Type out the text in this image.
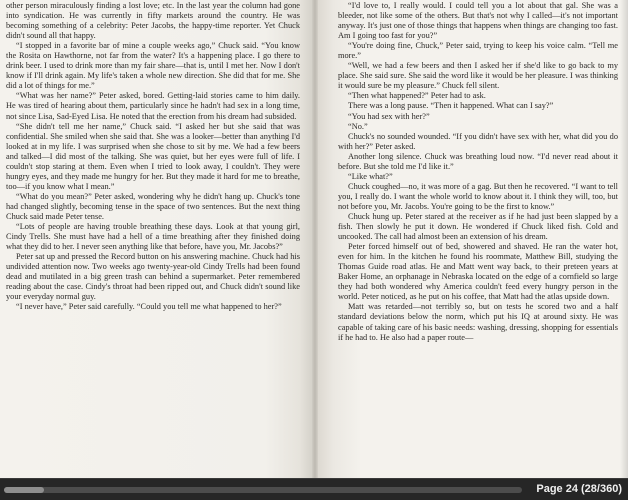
other person miraculously finding a lost love; etc. In the last year the column had gone into syndication. He was currently in fifty markets around the country. He was becoming something of a celebrity: Peter Jacobs, the happy-time reporter. Yet Chuck didn't sound all that happy.

“I stopped in a favorite bar of mine a couple weeks ago,” Chuck said. “You know the Rosita on Hawthorne, not far from the water? It's a happening place. I go there to drink beer. I used to drink more than my fair share—that is, until I met her. Now I don't know if I'll drink again. My life's taken a whole new direction. She did that for me. She did a lot of things for me.”

“What was her name?” Peter asked, bored. Getting-laid stories came to him daily. He was tired of hearing about them, particularly since he hadn't had sex in a long time, not since Lisa, Sad-Eyed Lisa. He noted that the erection from his dream had subsided.

“She didn't tell me her name,” Chuck said. “I asked her but she said that was confidential. She smiled when she said that. She was a looker—better than anything I'd looked at in my life. I was surprised when she chose to sit by me. We had a few beers and talked—I did most of the talking. She was quiet, but her eyes were full of life. I couldn't stop staring at them. Even when I tried to look away, I couldn't. They were hungry eyes, and they made me hungry for her. But they made it hard for me to breathe, too—if you know what I mean.”

“What do you mean?” Peter asked, wondering why he didn't hang up. Chuck's tone had changed slightly, becoming tense in the space of two sentences. But the next thing Chuck said made Peter tense.

“Lots of people are having trouble breathing these days. Look at that young girl, Cindy Trells. She must have had a hell of a time breathing after they finished doing what they did to her. I never seen anything like that before, have you, Mr. Jacobs?”

Peter sat up and pressed the Record button on his answering machine. Chuck had his undivided attention now. Two weeks ago twenty-year-old Cindy Trells had been found dead and mutilated in a big green trash can behind a supermarket. Peter remembered reading about the case. Cindy's throat had been ripped out, and Chuck didn't sound like your everyday normal guy.

“I never have,” Peter said carefully. “Could you tell me what happened to her?”

“I'd love to, I really would. I could tell you a lot about that gal. She was a bleeder, not like some of the others. But that's not why I called—it's not important anyway. It's just one of those things that happens when things are changing too fast. Am I going too fast for you?”

“You're doing fine, Chuck,” Peter said, trying to keep his voice calm. “Tell me more.”

“Well, we had a few beers and then I asked her if she'd like to go back to my place. She said sure. She said the word like it would be her pleasure. I was thinking it would sure be my pleasure.” Chuck fell silent.

“Then what happened?” Peter had to ask.

There was a long pause. “Then it happened. What can I say?”

“You had sex with her?”

“No.”

Chuck's no sounded wounded. “If you didn't have sex with her, what did you do with her?” Peter asked.

Another long silence. Chuck was breathing loud now. “I'd never read about it before. But she told me I'd like it.”

“Like what?”

Chuck coughed—no, it was more of a gag. But then he recovered. “I want to tell you, I really do. I want the whole world to know about it. I think they will, too, but not before you, Mr. Jacobs. You're going to be the first to know.”

Chuck hung up. Peter stared at the receiver as if he had just been slapped by a fish. Then slowly he put it down. He wondered if Chuck liked fish. Cold and uncooked. The call had almost been an extension of his dream.

Peter forced himself out of bed, showered and shaved. He ran the water hot, even for him. In the kitchen he found his roommate, Matthew Bill, studying the Thomas Guide road atlas. He and Matt went way back, to their preteen years at Baker Home, an orphanage in Nebraska located on the edge of a cornfield so large they had both wondered why America couldn't feed every hungry person in the world. Peter noticed, as he put on his coffee, that Matt had the atlas upside down.

Matt was retarded—not terribly so, but on tests he scored two and a half standard deviations below the norm, which put his IQ at around sixty. He was capable of taking care of his basic needs: washing, dressing, shopping for essentials if he had to. He also had a paper route—

Page 24 (28/360)
